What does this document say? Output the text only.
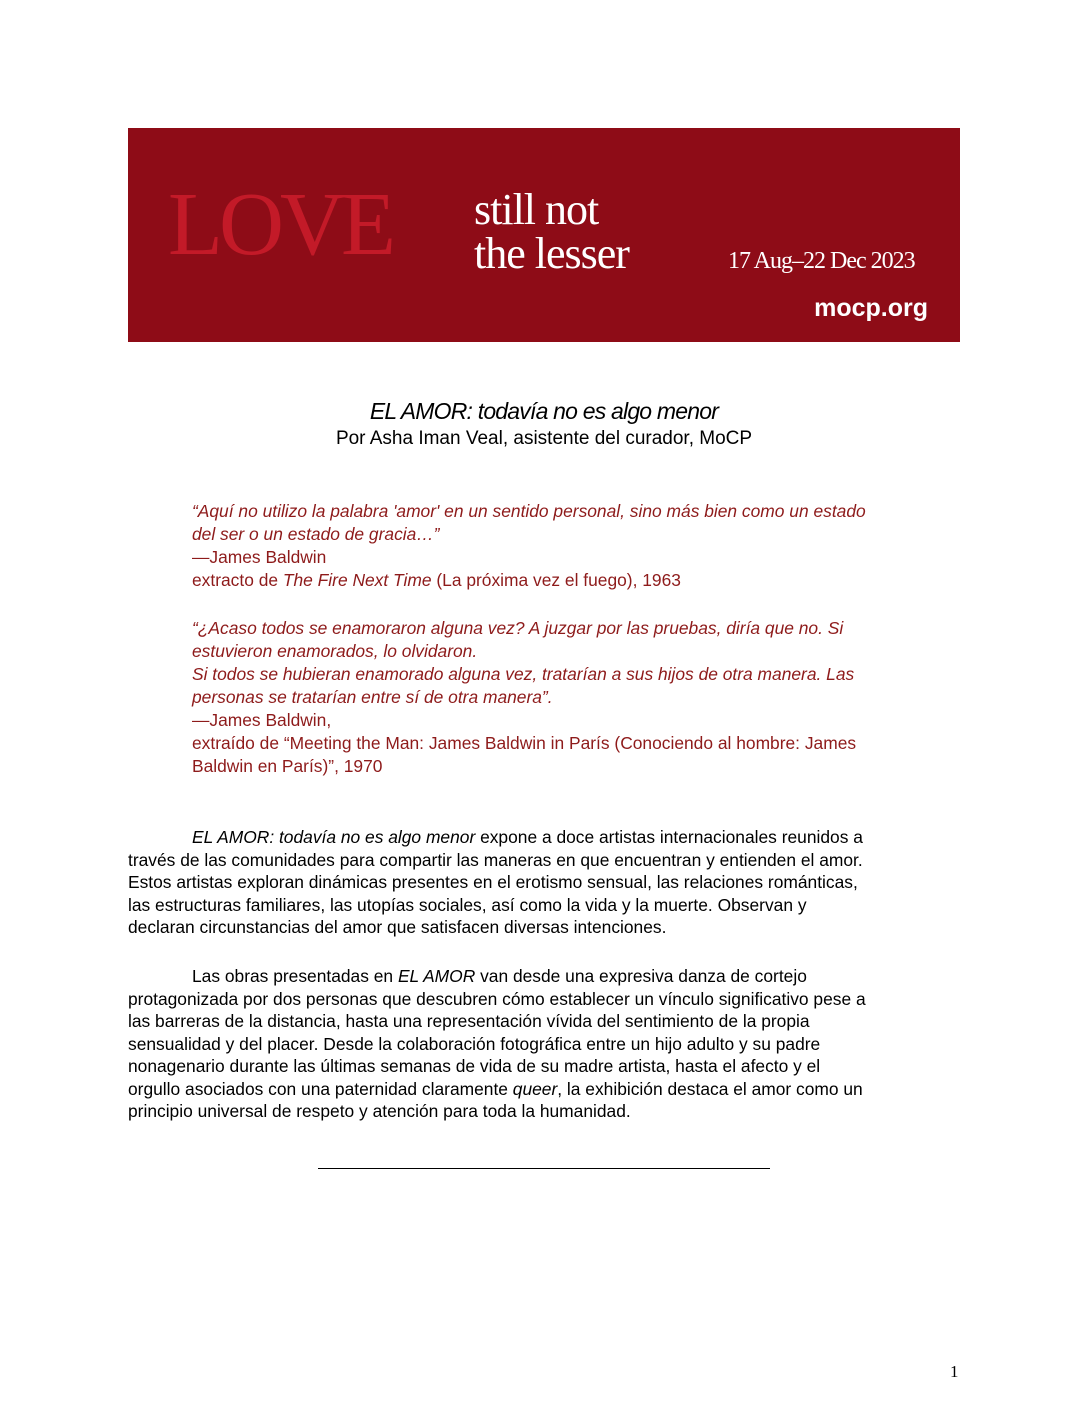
LOVE still not
the lesser	17 Aug–22 Dec 2023
mocp.org
EL AMOR: todavía no es algo menor
Por Asha Iman Veal, asistente del curador, MoCP
“Aquí no utilizo la palabra 'amor' en un sentido personal, sino más bien como un estado
del ser o un estado de gracia…”
—James Baldwin
extracto de The Fire Next Time (La próxima vez el fuego), 1963
“¿Acaso todos se enamoraron alguna vez? A juzgar por las pruebas, diría que no. Si
estuvieron enamorados, lo olvidaron.
Si todos se hubieran enamorado alguna vez, tratarían a sus hijos de otra manera. Las
personas se tratarían entre sí de otra manera”.
—James Baldwin,
extraído de “Meeting the Man: James Baldwin in París (Conociendo al hombre: James
Baldwin en París)”, 1970
EL AMOR: todavía no es algo menor expone a doce artistas internacionales reunidos a
través de las comunidades para compartir las maneras en que encuentran y entienden el amor.
Estos artistas exploran dinámicas presentes en el erotismo sensual, las relaciones románticas,
las estructuras familiares, las utopías sociales, así como la vida y la muerte. Observan y
declaran circunstancias del amor que satisfacen diversas intenciones.
Las obras presentadas en EL AMOR van desde una expresiva danza de cortejo
protagonizada por dos personas que descubren cómo establecer un vínculo significativo pese a
las barreras de la distancia, hasta una representación vívida del sentimiento de la propia
sensualidad y del placer. Desde la colaboración fotográfica entre un hijo adulto y su padre
nonagenario durante las últimas semanas de vida de su madre artista, hasta el afecto y el
orgullo asociados con una paternidad claramente queer, la exhibición destaca el amor como un
principio universal de respeto y atención para toda la humanidad.
1
